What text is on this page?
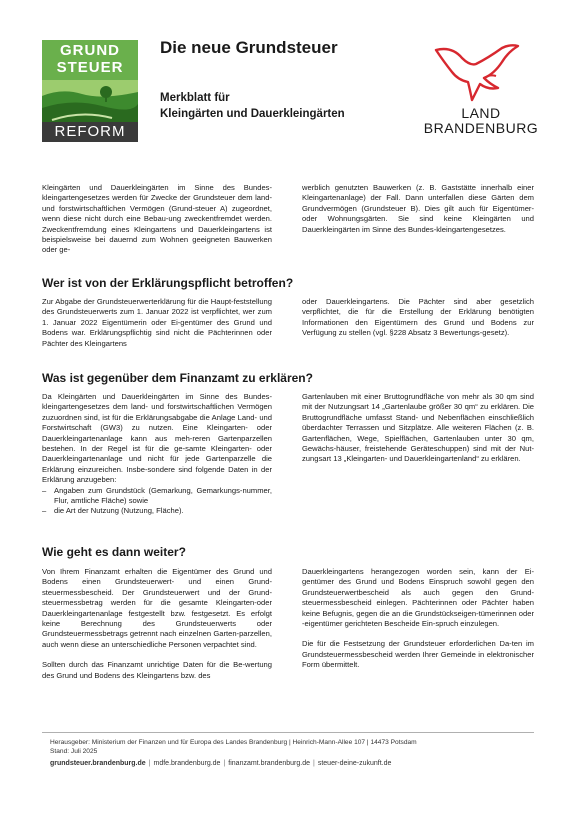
GRUND
STEUER
REFORM
Die neue Grundsteuer
Merkblatt für
Kleingärten und Dauerkleingärten	LAND
BRANDENBURG
Kleingärten und Dauerkleingärten im Sinne des Bundes-kleingartengesetzes werden für Zwecke der Grundsteuer dem land- und forstwirtschaftlichen Vermögen (Grund-steuer A) zugeordnet, wenn diese nicht durch eine Bebau-ung zweckentfremdet werden. Zweckentfremdung eines Kleingartens und Dauerkleingartens ist beispielsweise bei dauernd zum Wohnen geeigneten Bauwerken oder ge-
werblich genutzten Bauwerken (z. B. Gaststätte innerhalb einer Kleingartenanlage) der Fall. Dann unterfallen diese Gärten dem Grundvermögen (Grundsteuer B). Dies gilt auch für Eigentümer- oder Wohnungsgärten. Sie sind keine Kleingärten und Dauerkleingärten im Sinne des Bundes-kleingartengesetzes.
Wer ist von der Erklärungspflicht betroffen?
Zur Abgabe der Grundsteuerwerterklärung für die Haupt-feststellung des Grundsteuerwerts zum 1. Januar 2022 ist verpflichtet, wer zum 1. Januar 2022 Eigentümerin oder Ei-gentümer des Grund und Bodens war. Erklärungspflichtig sind nicht die Pächterinnen oder Pächter des Kleingartens
oder Dauerkleingartens. Die Pächter sind aber gesetzlich verpflichtet, die für die Erstellung der Erklärung benötigten Informationen den Eigentümern des Grund und Bodens zur Verfügung zu stellen (vgl. §228 Absatz 3 Bewertungs-gesetz).
Was ist gegenüber dem Finanzamt zu erklären?
Da Kleingärten und Dauerkleingärten im Sinne des Bundes-kleingartengesetzes dem land- und forstwirtschaftlichen Vermögen zuzuordnen sind, ist für die Erklärungsabgabe die Anlage Land- und Forstwirtschaft (GW3) zu nutzen. Eine Kleingarten- oder Dauerkleingartenanlage kann aus meh-reren Gartenparzellen bestehen. In der Regel ist für die ge-samte Kleingarten- oder Dauerkleingartenanlage und nicht für jede Gartenparzelle die Erklärung einzureichen. Insbe-sondere sind folgende Daten in der Erklärung anzugeben:
– Angaben zum Grundstück (Gemarkung, Gemarkungs-nummer, Flur, amtliche Fläche) sowie
– die Art der Nutzung (Nutzung, Fläche).
Gartenlauben mit einer Bruttogrundfläche von mehr als 30 qm sind mit der Nutzungsart 14 „Gartenlaube größer 30 qm“ zu erklären. Die Bruttogrundfläche umfasst Stand- und Nebenflächen einschließlich überdachter Terrassen und Sitzplätze. Alle weiteren Flächen (z. B. Gartenflächen, Wege, Spielflächen, Gartenlauben unter 30 qm, Gewächs-häuser, freistehende Geräteschuppen) sind mit der Nut-zungsart 13 „Kleingarten- und Dauerkleingartenland“ zu erklären.
Wie geht es dann weiter?
Von Ihrem Finanzamt erhalten die Eigentümer des Grund und Bodens einen Grundsteuerwert- und einen Grund-steuermessbescheid. Der Grundsteuerwert und der Grund-steuermessbetrag werden für die gesamte Kleingarten-oder Dauerkleingartenanlage festgestellt bzw. festgesetzt. Es erfolgt keine Berechnung des Grundsteuerwerts oder Grundsteuermessbetrags getrennt nach einzelnen Garten-parzellen, auch wenn diese an unterschiedliche Personen verpachtet sind.
Sollten durch das Finanzamt unrichtige Daten für die Be-wertung des Grund und Bodens des Kleingartens bzw. des
Dauerkleingartens herangezogen worden sein, kann der Ei-gentümer des Grund und Bodens Einspruch sowohl gegen den Grundsteuerwertbescheid als auch gegen den Grund-steuermessbescheid einlegen. Pächterinnen oder Pächter haben keine Befugnis, gegen die an die Grundstückseigen-tümerinnen oder -eigentümer gerichteten Bescheide Ein-spruch einzulegen.
Die für die Festsetzung der Grundsteuer erforderlichen Da-ten im Grundsteuermessbescheid werden Ihrer Gemeinde in elektronischer Form übermittelt.
Herausgeber: Ministerium der Finanzen und für Europa des Landes Brandenburg | Heinrich-Mann-Allee 107 | 14473 Potsdam
Stand: Juli 2025
grundsteuer.brandenburg.de | mdfe.brandenburg.de | finanzamt.brandenburg.de | steuer-deine-zukunft.de
